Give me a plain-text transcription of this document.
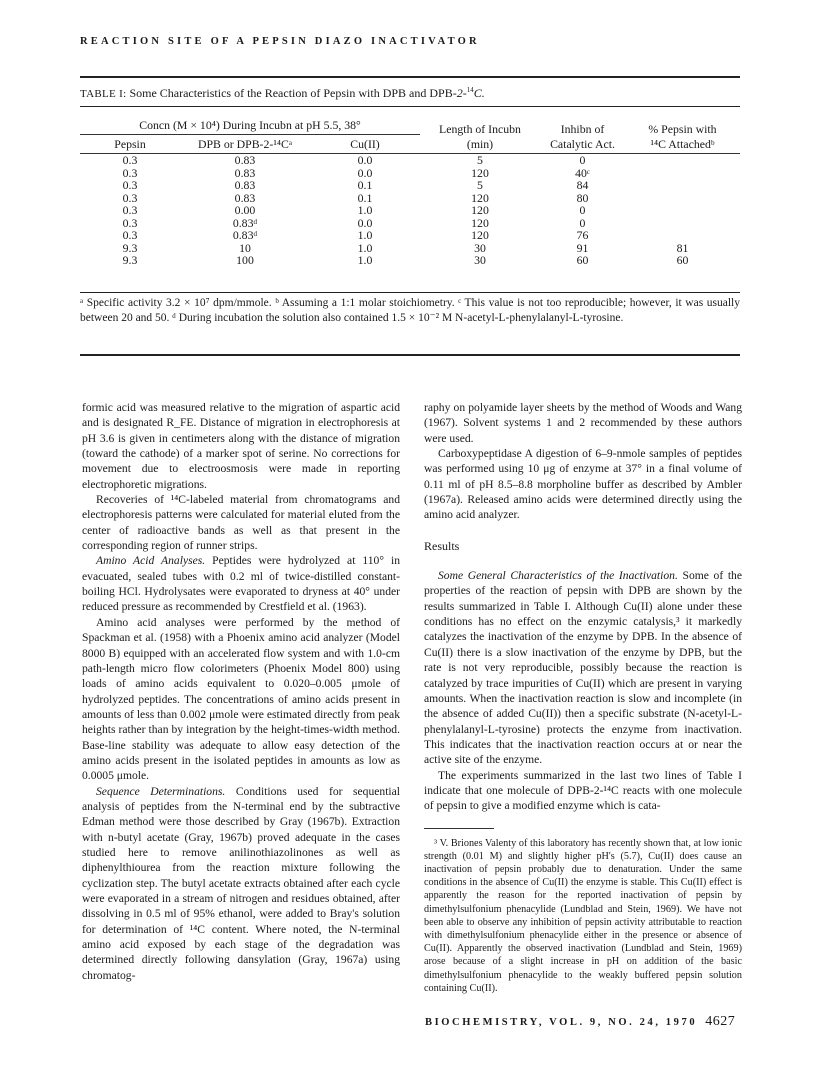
REACTION SITE OF A PEPSIN DIAZO INACTIVATOR
TABLE I: Some Characteristics of the Reaction of Pepsin with DPB and DPB-2-$^{14}$C.
Concn (M × 10⁴) During Incubn at pH 5.5, 38°			Length of Incubn	Inhibn of	% Pepsin with
Pepsin	DPB or DPB-2-¹⁴Cᵃ	Cu(II)	(min)	Catalytic Act.	¹⁴C Attachedᵇ
0.3	0.83	0.0	5	0	
0.3	0.83	0.0	120	40ᶜ	
0.3	0.83	0.1	5	84	
0.3	0.83	0.1	120	80	
0.3	0.00	1.0	120	0	
0.3	0.83ᵈ	0.0	120	0	
0.3	0.83ᵈ	1.0	120	76	
9.3	10	1.0	30	91	81
9.3	100	1.0	30	60	60
ᵃ Specific activity 3.2 × 10⁷ dpm/mmole. ᵇ Assuming a 1:1 molar stoichiometry. ᶜ This value is not too reproducible; however, it was usually between 20 and 50. ᵈ During incubation the solution also contained 1.5 × 10⁻² M N-acetyl-L-phenylalanyl-L-tyrosine.

formic acid was measured relative to the migration of aspartic acid and is designated R_FE. Distance of migration in electrophoresis at pH 3.6 is given in centimeters along with the distance of migration (toward the cathode) of a marker spot of serine. No corrections for movement due to electroosmosis were made in reporting electrophoretic migrations.

Recoveries of ¹⁴C-labeled material from chromatograms and electrophoresis patterns were calculated for material eluted from the center of radioactive bands as well as that present in the corresponding region of runner strips.

Amino Acid Analyses. Peptides were hydrolyzed at 110° in evacuated, sealed tubes with 0.2 ml of twice-distilled constant-boiling HCl. Hydrolysates were evaporated to dryness at 40° under reduced pressure as recommended by Crestfield et al. (1963).

Amino acid analyses were performed by the method of Spackman et al. (1958) with a Phoenix amino acid analyzer (Model 8000 B) equipped with an accelerated flow system and with 1.0-cm path-length micro flow colorimeters (Phoenix Model 800) using loads of amino acids equivalent to 0.020–0.005 μmole of hydrolyzed peptides. The concentrations of amino acids present in amounts of less than 0.002 μmole were estimated directly from peak heights rather than by integration by the height-times-width method. Base-line stability was adequate to allow easy detection of the amino acids present in the isolated peptides in amounts as low as 0.0005 μmole.

Sequence Determinations. Conditions used for sequential analysis of peptides from the N-terminal end by the subtractive Edman method were those described by Gray (1967b). Extraction with n-butyl acetate (Gray, 1967b) proved adequate in the cases studied here to remove anilinothiazolinones as well as diphenylthiourea from the reaction mixture following the cyclization step. The butyl acetate extracts obtained after each cycle were evaporated in a stream of nitrogen and residues obtained, after dissolving in 0.5 ml of 95% ethanol, were added to Bray's solution for determination of ¹⁴C content. Where noted, the N-terminal amino acid exposed by each stage of the degradation was determined directly following dansylation (Gray, 1967a) using chromatog-

raphy on polyamide layer sheets by the method of Woods and Wang (1967). Solvent systems 1 and 2 recommended by these authors were used.

Carboxypeptidase A digestion of 6–9-nmole samples of peptides was performed using 10 μg of enzyme at 37° in a final volume of 0.11 ml of pH 8.5–8.8 morpholine buffer as described by Ambler (1967a). Released amino acids were determined directly using the amino acid analyzer.

Results

Some General Characteristics of the Inactivation. Some of the properties of the reaction of pepsin with DPB are shown by the results summarized in Table I. Although Cu(II) alone under these conditions has no effect on the enzymic catalysis,³ it markedly catalyzes the inactivation of the enzyme by DPB. In the absence of Cu(II) there is a slow inactivation of the enzyme by DPB, but the rate is not very reproducible, possibly because the reaction is catalyzed by trace impurities of Cu(II) which are present in varying amounts. When the inactivation reaction is slow and incomplete (in the absence of added Cu(II)) then a specific substrate (N-acetyl-L-phenylalanyl-L-tyrosine) protects the enzyme from inactivation. This indicates that the inactivation reaction occurs at or near the active site of the enzyme.

The experiments summarized in the last two lines of Table I indicate that one molecule of DPB-2-¹⁴C reacts with one molecule of pepsin to give a modified enzyme which is cata-

³ V. Briones Valenty of this laboratory has recently shown that, at low ionic strength (0.01 M) and slightly higher pH's (5.7), Cu(II) does cause an inactivation of pepsin probably due to denaturation. Under the same conditions in the absence of Cu(II) the enzyme is stable. This Cu(II) effect is apparently the reason for the reported inactivation of pepsin by dimethylsulfonium phenacylide (Lundblad and Stein, 1969). We have not been able to observe any inhibition of pepsin activity attributable to reaction with dimethylsulfonium phenacylide either in the presence or absence of Cu(II). Apparently the observed inactivation (Lundblad and Stein, 1969) arose because of a slight increase in pH on addition of the basic dimethylsulfonium phenacylide to the weakly buffered pepsin solution containing Cu(II).

BIOCHEMISTRY, VOL. 9, NO. 24, 1970 4627
